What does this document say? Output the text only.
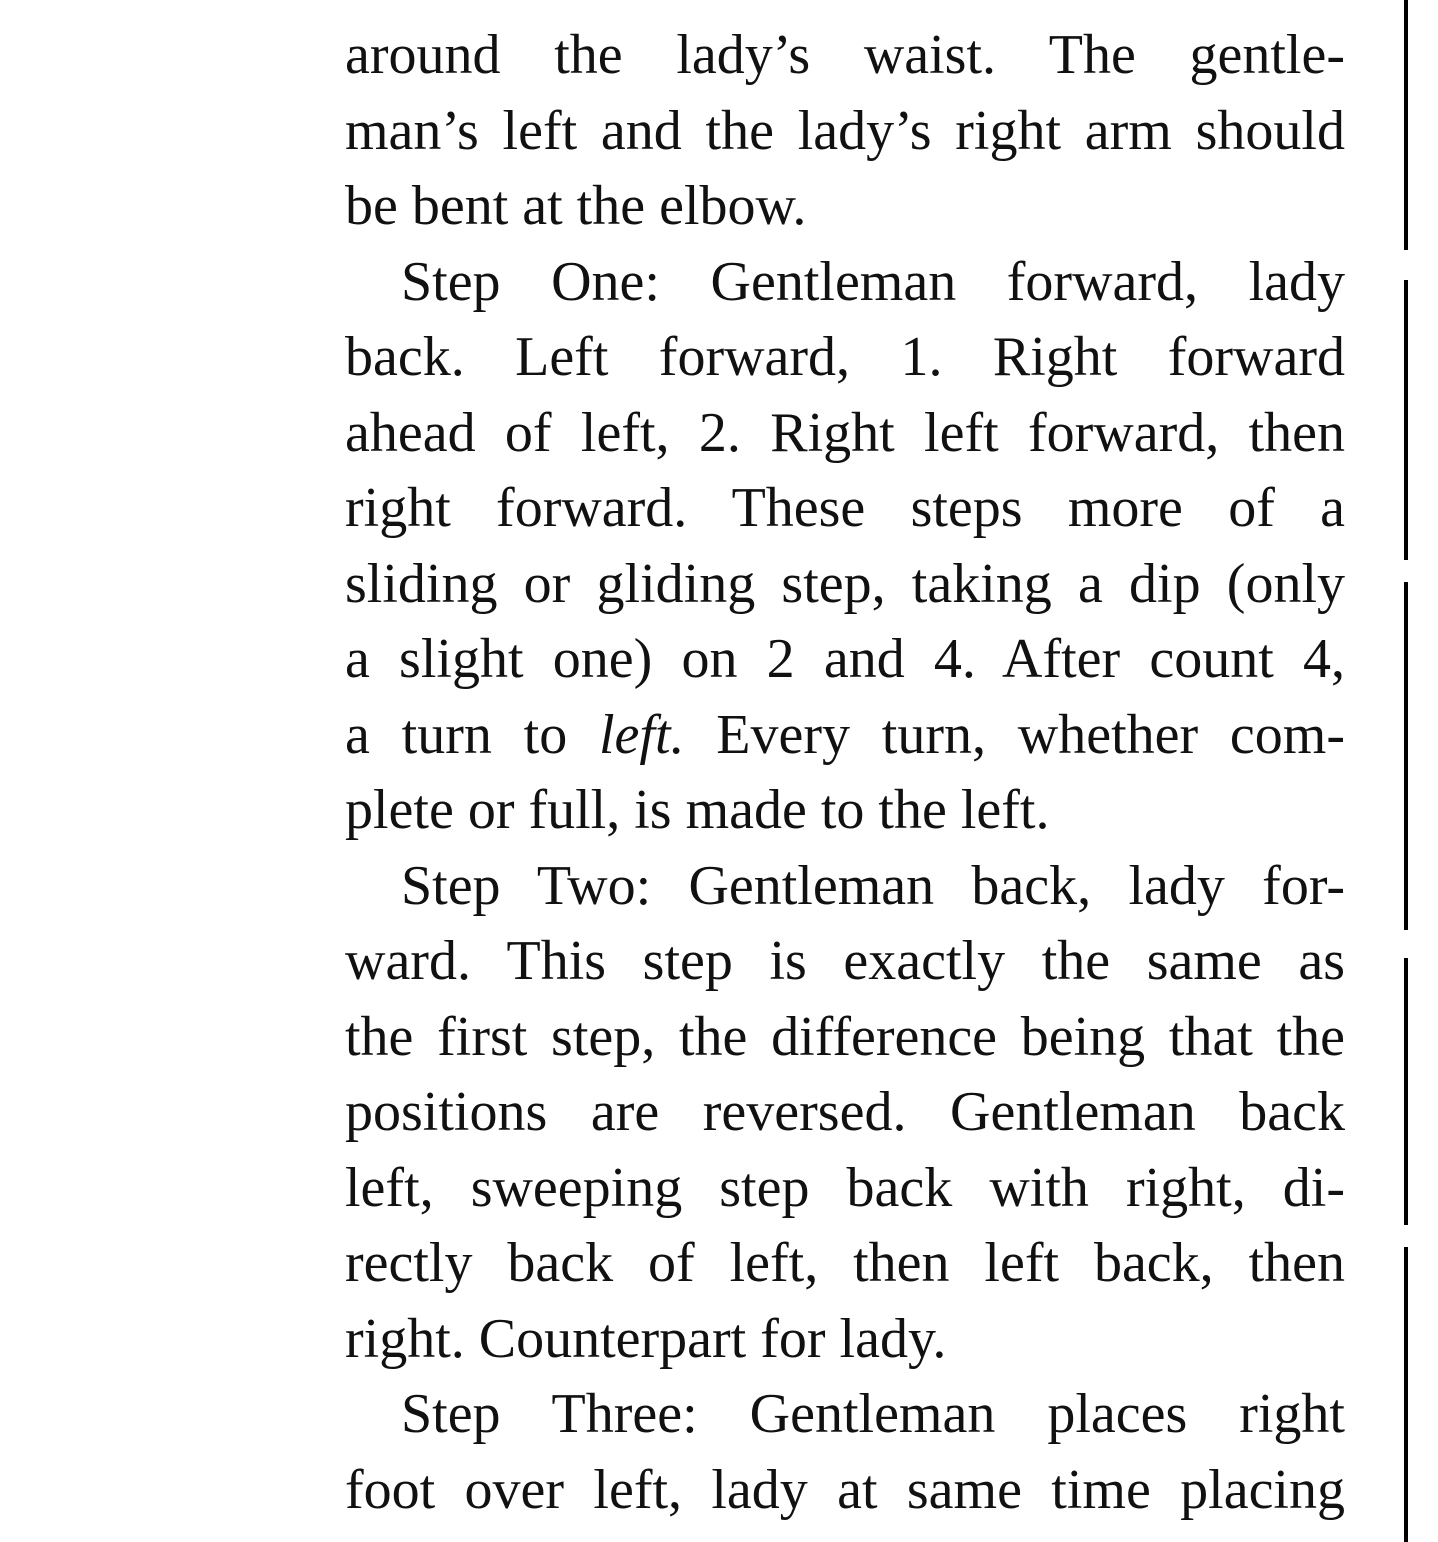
around the lady’s waist. The gentle-
man’s left and the lady’s right arm should
be bent at the elbow.
Step One: Gentleman forward, lady
back. Left forward, 1. Right forward
ahead of left, 2. Right left forward, then
right forward. These steps more of a
sliding or gliding step, taking a dip (only
a slight one) on 2 and 4. After count 4,
a turn to left. Every turn, whether com-
plete or full, is made to the left.
Step Two: Gentleman back, lady for-
ward. This step is exactly the same as
the first step, the difference being that the
positions are reversed. Gentleman back
left, sweeping step back with right, di-
rectly back of left, then left back, then
right. Counterpart for lady.
Step Three: Gentleman places right
foot over left, lady at same time placing
